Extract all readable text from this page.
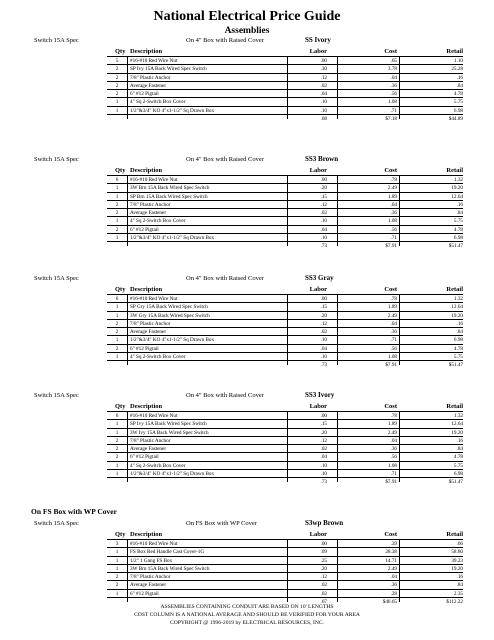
National Electrical Price Guide
Assemblies
Switch 15A Spec	On 4" Box with Raised Cover	SS Ivory
Qty Description	Labor	Cost	Retail
5	#16-#10 Red Wire Nut	.00	.65	1.10
2	SP Ivy 15A Back Wired Spec Switch	.30	3.78	25.28
2	7/8" Plastic Anchor	.12	.04	.16
2	Average Fastener	.02	.36	.84
2	6" #12 Pigtail	.04	.56	4.78
1	4" Sq 2-Switch Box Cover	.10	1.08	5.75
1	1/2"&3/4" KO 4"x1-1/2" Sq Drawn Box	.10	.71	6.98
.68	$7.18	$44.89
Switch 15A Spec	On 4" Box with Raised Cover	SS3 Brown
Qty Description	Labor	Cost	Retail
6	#16-#10 Red Wire Nut	.00	.78	1.32
1	3W Brn 15A Back Wired Spec Switch	.20	2.49	19.20
1	SP Brn 15A Back Wired Spec Switch	.15	1.89	12.64
2	7/8" Plastic Anchor	.12	.04	.16
2	Average Fastener	.02	.36	.84
1	4" Sq 2-Switch Box Cover	.10	1.08	5.75
2	6" #12 Pigtail	.04	.56	4.78
1	1/2"&3/4" KO 4"x1-1/2" Sq Drawn Box	.10	.71	6.98
.73	$7.91	$51.47
Switch 15A Spec	On 4" Box with Raised Cover	SS3 Gray
Qty Description	Labor	Cost	Retail
6	#16-#10 Red Wire Nut	.00	.78	1.32
1	SP Gry 15A Back Wired Spec Switch	.15	1.89	12.64
1	3W Gry 15A Back Wired Spec Switch	.20	2.49	19.20
2	7/8" Plastic Anchor	.12	.04	.16
2	Average Fastener	.02	.36	.84
1	1/2"&3/4" KO 4"x1-1/2" Sq Drawn Box	.10	.71	6.98
2	6" #12 Pigtail	.04	.56	4.78
1	4" Sq 2-Switch Box Cover	.10	1.08	5.75
.73	$7.91	$51.47
Switch 15A Spec	On 4" Box with Raised Cover	SS3 Ivory
Qty Description	Labor	Cost	Retail
6	#16-#10 Red Wire Nut	.00	.78	1.32
1	SP Ivy 15A Back Wired Spec Switch	.15	1.89	12.64
1	3W Ivy 15A Back Wired Spec Switch	.20	2.49	19.20
2	7/8" Plastic Anchor	.12	.04	.16
2	Average Fastener	.02	.36	.84
2	6" #12 Pigtail	.04	.56	4.78
1	4" Sq 2-Switch Box Cover	.10	1.08	5.75
1	1/2"&3/4" KO 4"x1-1/2" Sq Drawn Box	.10	.71	6.98
.73	$7.91	$51.47
Switch 15A Spec	On FS Box with WP Cover	S3wp Brown
Qty Description	Labor	Cost	Retail
3	#16-#10 Red Wire Nut	.00	.39	.66
1	FS Box Red Handle Cast Cover-1G	.09	28.38	58.80
1	1/2" 1 Gang FS Box	.25	14.71	39.23
1	3W Brn 15A Back Wired Spec Switch	.20	2.49	19.20
2	7/8" Plastic Anchor	.12	.04	.16
2	Average Fastener	.02	.36	.84
1	6" #12 Pigtail	.02	.28	2.35
.67	$46.65	$112.22
ASSEMBLIES CONTAINING CONDUIT ARE BASED ON 10' LENGTHS
COST COLUMN IS A NATIONAL AVERAGE AND SHOULD BE VERIFIED FOR YOUR AREA
COPYRIGHT @ 1996-2019 by ELECTRICAL RESOURCES, INC.
On FS Box with WP Cover
